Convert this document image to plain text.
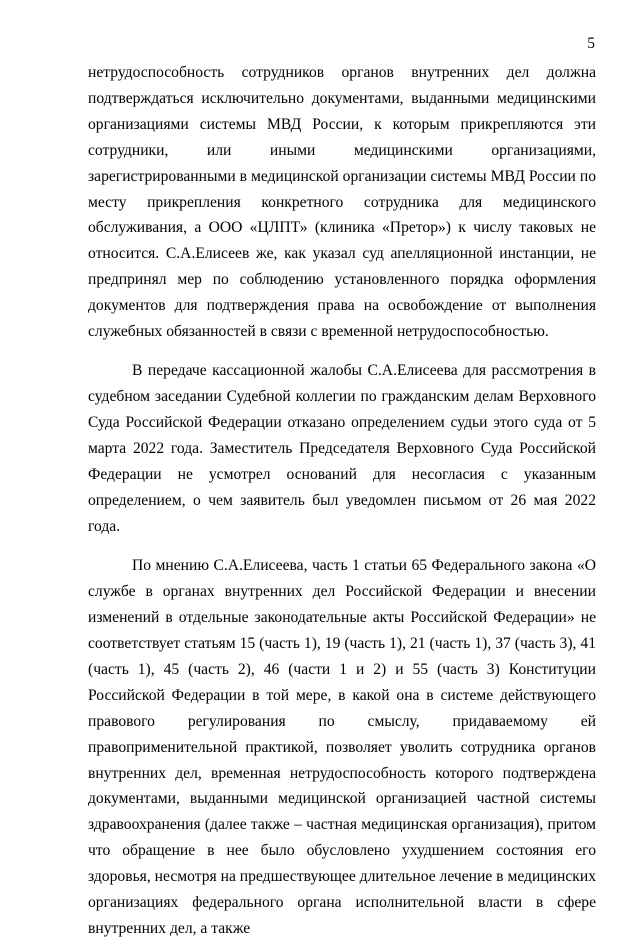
5

нетрудоспособность сотрудников органов внутренних дел должна подтверждаться исключительно документами, выданными медицинскими организациями системы МВД России, к которым прикрепляются эти сотрудники, или иными медицинскими организациями, зарегистрированными в медицинской организации системы МВД России по месту прикрепления конкретного сотрудника для медицинского обслуживания, а ООО «ЦЛПТ» (клиника «Претор») к числу таковых не относится. С.А.Елисеев же, как указал суд апелляционной инстанции, не предпринял мер по соблюдению установленного порядка оформления документов для подтверждения права на освобождение от выполнения служебных обязанностей в связи с временной нетрудоспособностью.

В передаче кассационной жалобы С.А.Елисеева для рассмотрения в судебном заседании Судебной коллегии по гражданским делам Верховного Суда Российской Федерации отказано определением судьи этого суда от 5 марта 2022 года. Заместитель Председателя Верховного Суда Российской Федерации не усмотрел оснований для несогласия с указанным определением, о чем заявитель был уведомлен письмом от 26 мая 2022 года.

По мнению С.А.Елисеева, часть 1 статьи 65 Федерального закона «О службе в органах внутренних дел Российской Федерации и внесении изменений в отдельные законодательные акты Российской Федерации» не соответствует статьям 15 (часть 1), 19 (часть 1), 21 (часть 1), 37 (часть 3), 41 (часть 1), 45 (часть 2), 46 (части 1 и 2) и 55 (часть 3) Конституции Российской Федерации в той мере, в какой она в системе действующего правового регулирования по смыслу, придаваемому ей правоприменительной практикой, позволяет уволить сотрудника органов внутренних дел, временная нетрудоспособность которого подтверждена документами, выданными медицинской организацией частной системы здравоохранения (далее также – частная медицинская организация), притом что обращение в нее было обусловлено ухудшением состояния его здоровья, несмотря на предшествующее длительное лечение в медицинских организациях федерального органа исполнительной власти в сфере внутренних дел, а также
